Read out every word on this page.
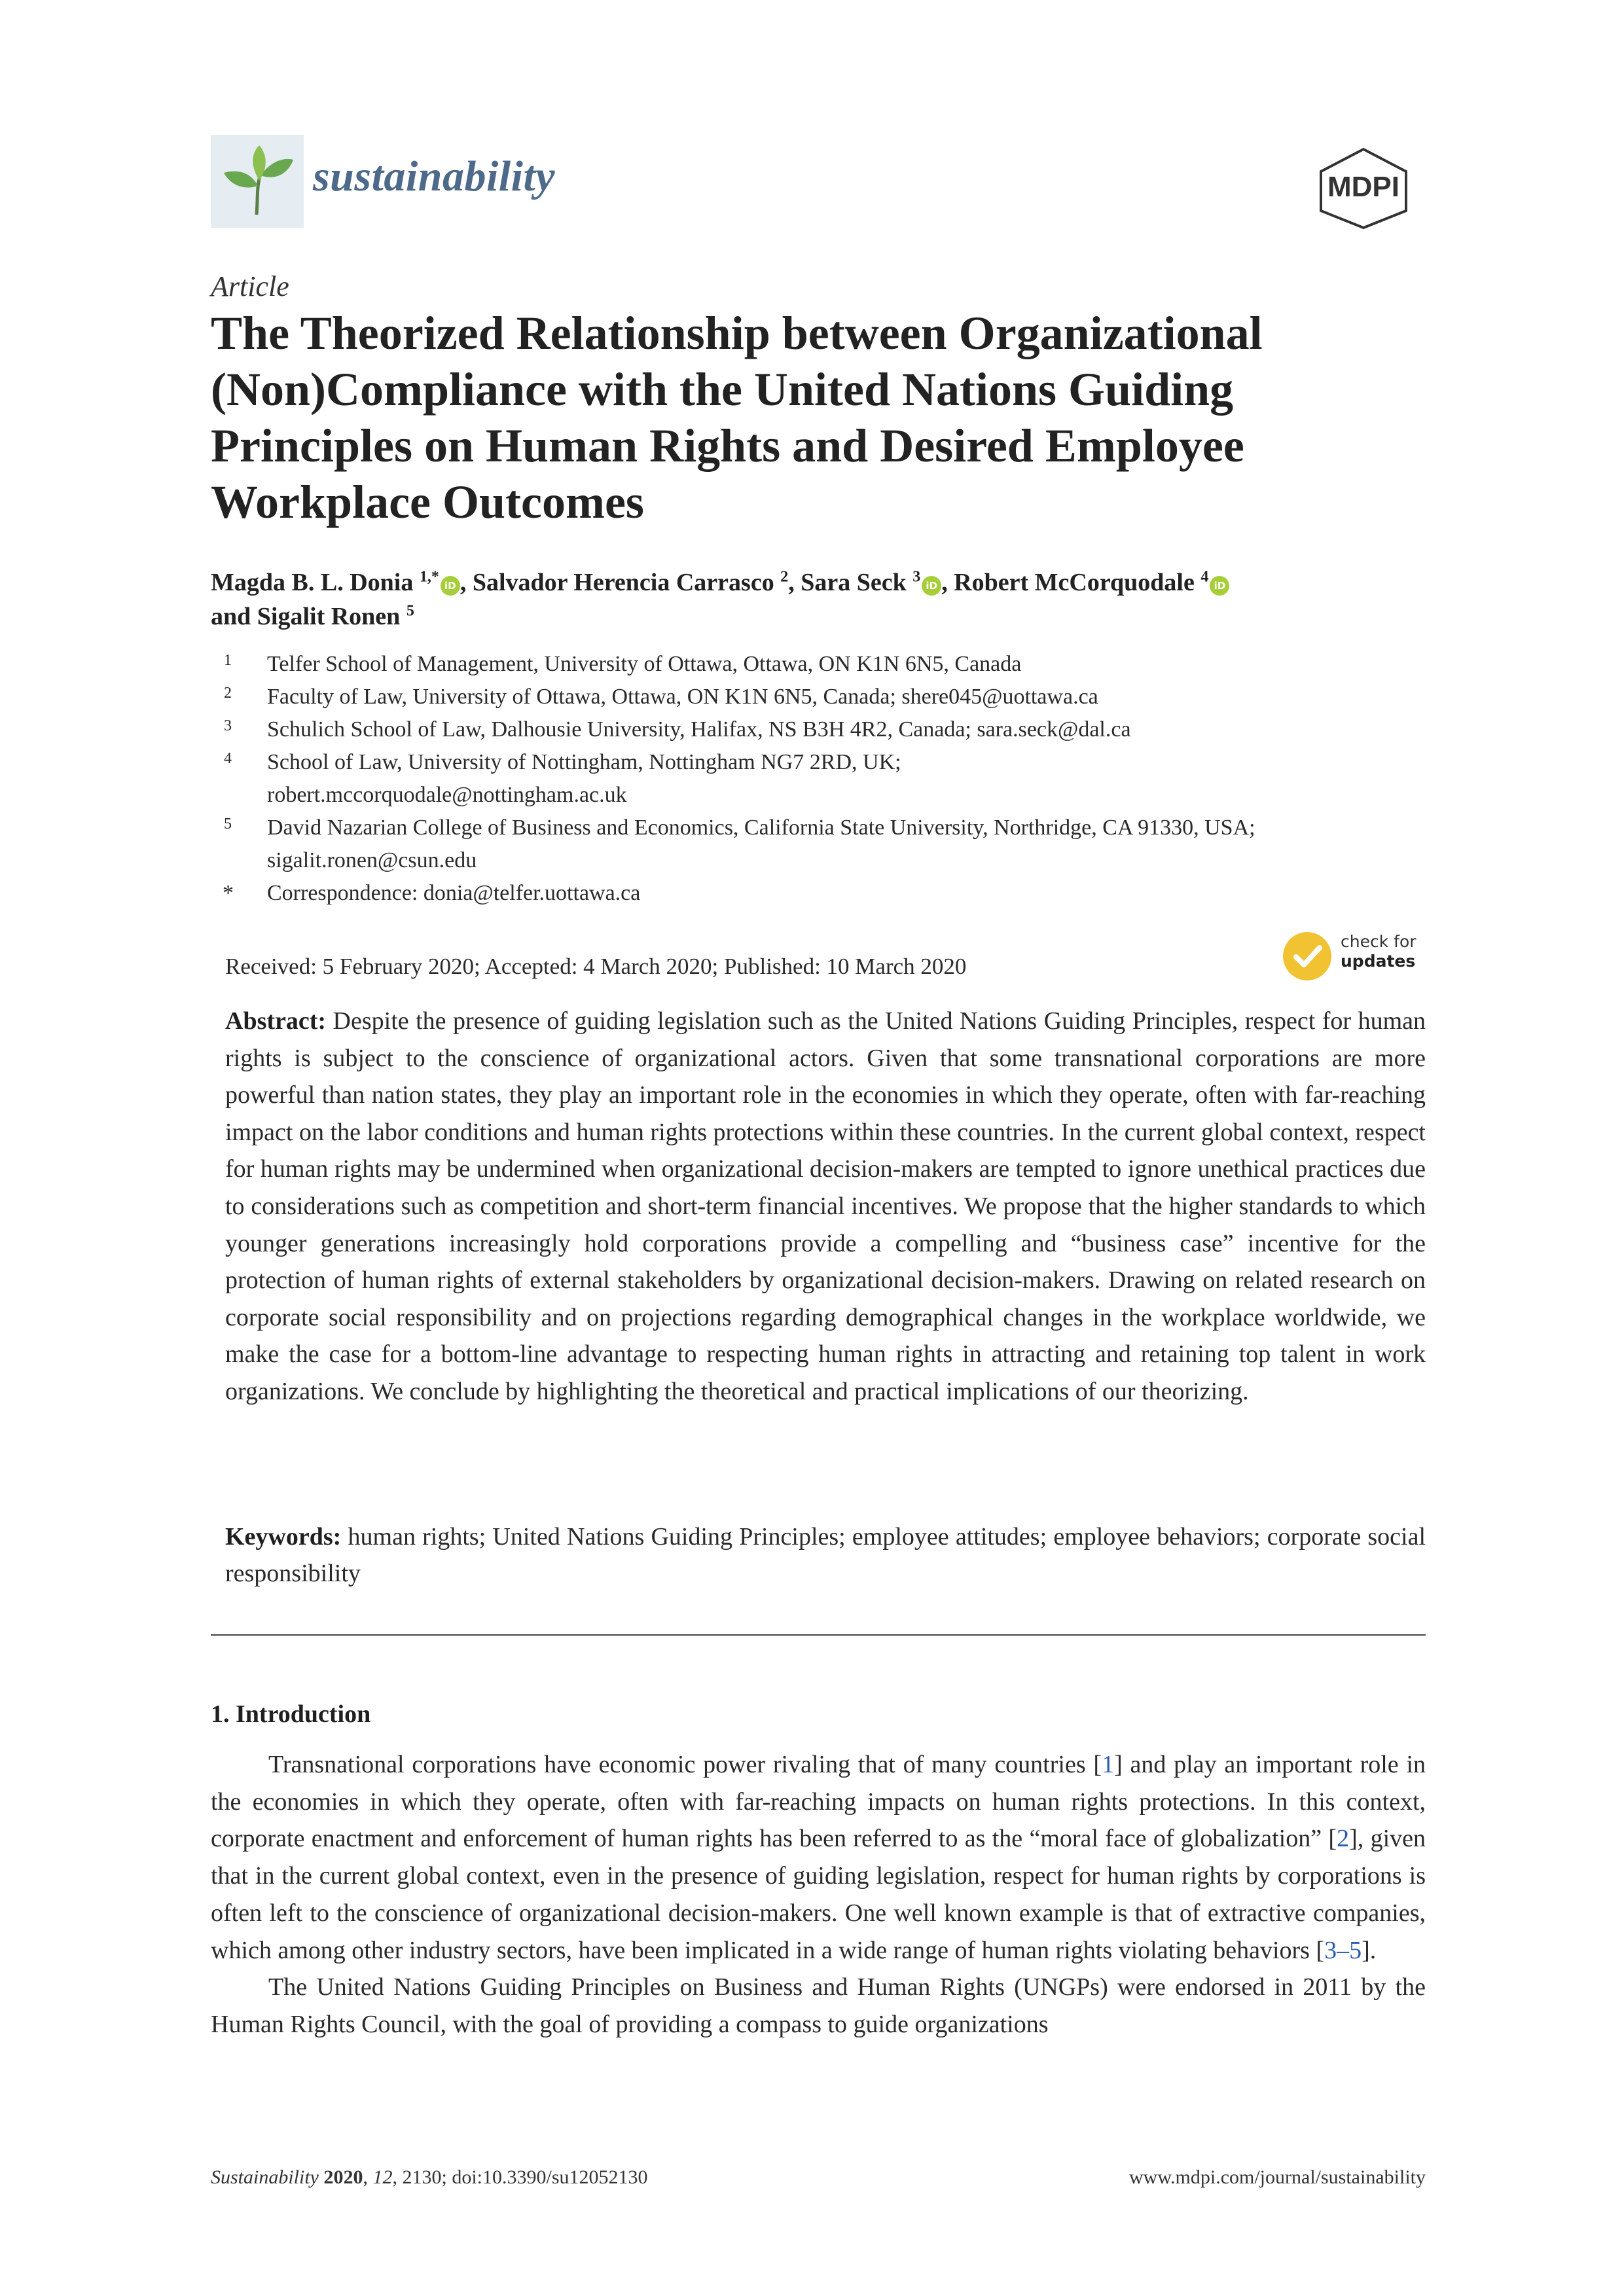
sustainability	MDPI
Article
The Theorized Relationship between Organizational
(Non)Compliance with the United Nations Guiding
Principles on Human Rights and Desired Employee
Workplace Outcomes
Magda B. L. Donia $^{1,*}$iD , Salvador Herencia Carrasco $^2$, Sara Seck $^3$iD , Robert McCorquodale $^4$iD
and Sigalit Ronen $^5$
1 Telfer School of Management, University of Ottawa, Ottawa, ON K1N 6N5, Canada
2 Faculty of Law, University of Ottawa, Ottawa, ON K1N 6N5, Canada; shere045@uottawa.ca
3 Schulich School of Law, Dalhousie University, Halifax, NS B3H 4R2, Canada; sara.seck@dal.ca
4 School of Law, University of Nottingham, Nottingham NG7 2RD, UK;
robert.mccorquodale@nottingham.ac.uk
5 David Nazarian College of Business and Economics, California State University, Northridge, CA 91330, USA;
sigalit.ronen@csun.edu
* Correspondence: donia@telfer.uottawa.ca
Received: 5 February 2020; Accepted: 4 March 2020; Published: 10 March 2020
check for
updates
Abstract: Despite the presence of guiding legislation such as the United Nations Guiding Principles, respect for human rights is subject to the conscience of organizational actors. Given that some transnational corporations are more powerful than nation states, they play an important role in the economies in which they operate, often with far-reaching impact on the labor conditions and human rights protections within these countries. In the current global context, respect for human rights may be undermined when organizational decision-makers are tempted to ignore unethical practices due to considerations such as competition and short-term financial incentives. We propose that the higher standards to which younger generations increasingly hold corporations provide a compelling and “business case” incentive for the protection of human rights of external stakeholders by organizational decision-makers. Drawing on related research on corporate social responsibility and on projections regarding demographical changes in the workplace worldwide, we make the case for a bottom-line advantage to respecting human rights in attracting and retaining top talent in work organizations. We conclude by highlighting the theoretical and practical implications of our theorizing.
Keywords: human rights; United Nations Guiding Principles; employee attitudes; employee behaviors; corporate social responsibility
1. Introduction

Transnational corporations have economic power rivaling that of many countries [1] and play an important role in the economies in which they operate, often with far-reaching impacts on human rights protections. In this context, corporate enactment and enforcement of human rights has been referred to as the “moral face of globalization” [2], given that in the current global context, even in the presence of guiding legislation, respect for human rights by corporations is often left to the conscience of organizational decision-makers. One well known example is that of extractive companies, which among other industry sectors, have been implicated in a wide range of human rights violating behaviors [3–5].

The United Nations Guiding Principles on Business and Human Rights (UNGPs) were endorsed in 2011 by the Human Rights Council, with the goal of providing a compass to guide organizations

Sustainability 2020, 12, 2130; doi:10.3390/su12052130	www.mdpi.com/journal/sustainability
